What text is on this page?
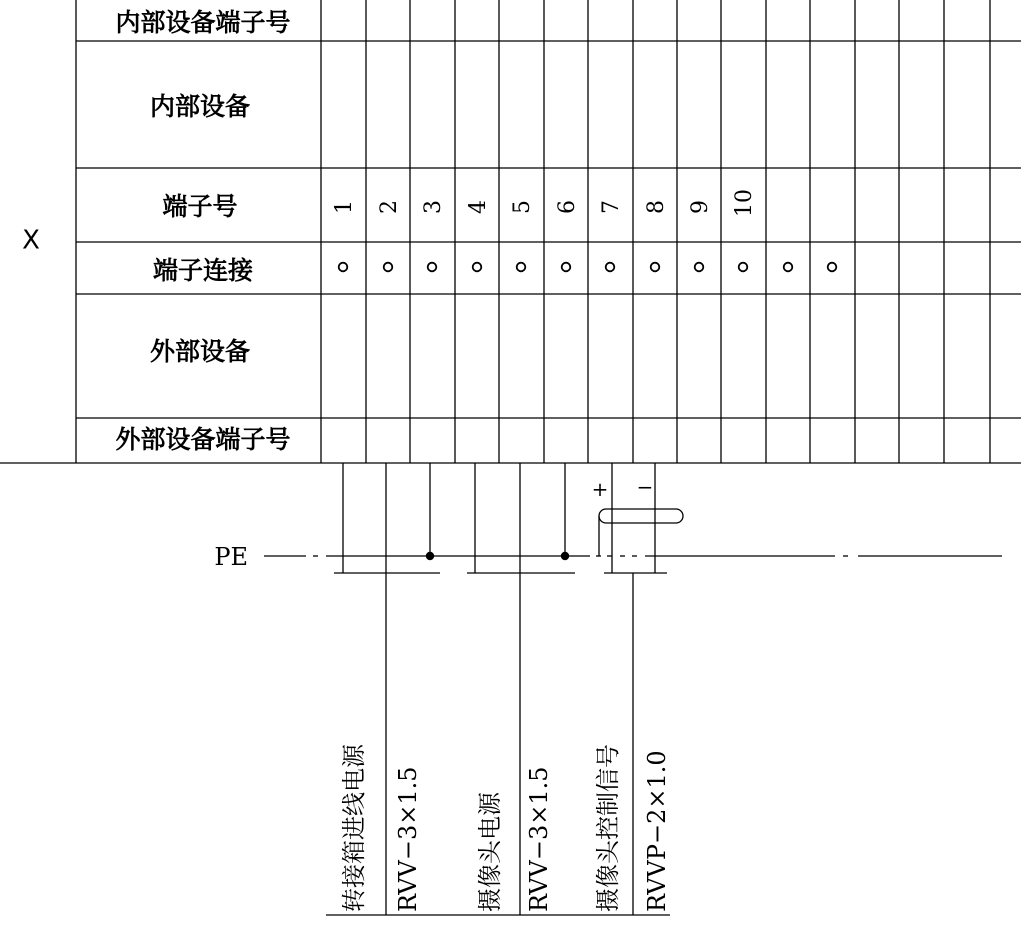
X
内部设备端子号
内部设备
端子号
端子连接
外部设备
外部设备端子号
1 2 3 4 5 6 7 8 9 10
PE
+ −
转接箱进线电源 RVV−3×1.5 摄像头电源 RVV−3×1.5 摄像头控制信号 RVVP−2×1.0
